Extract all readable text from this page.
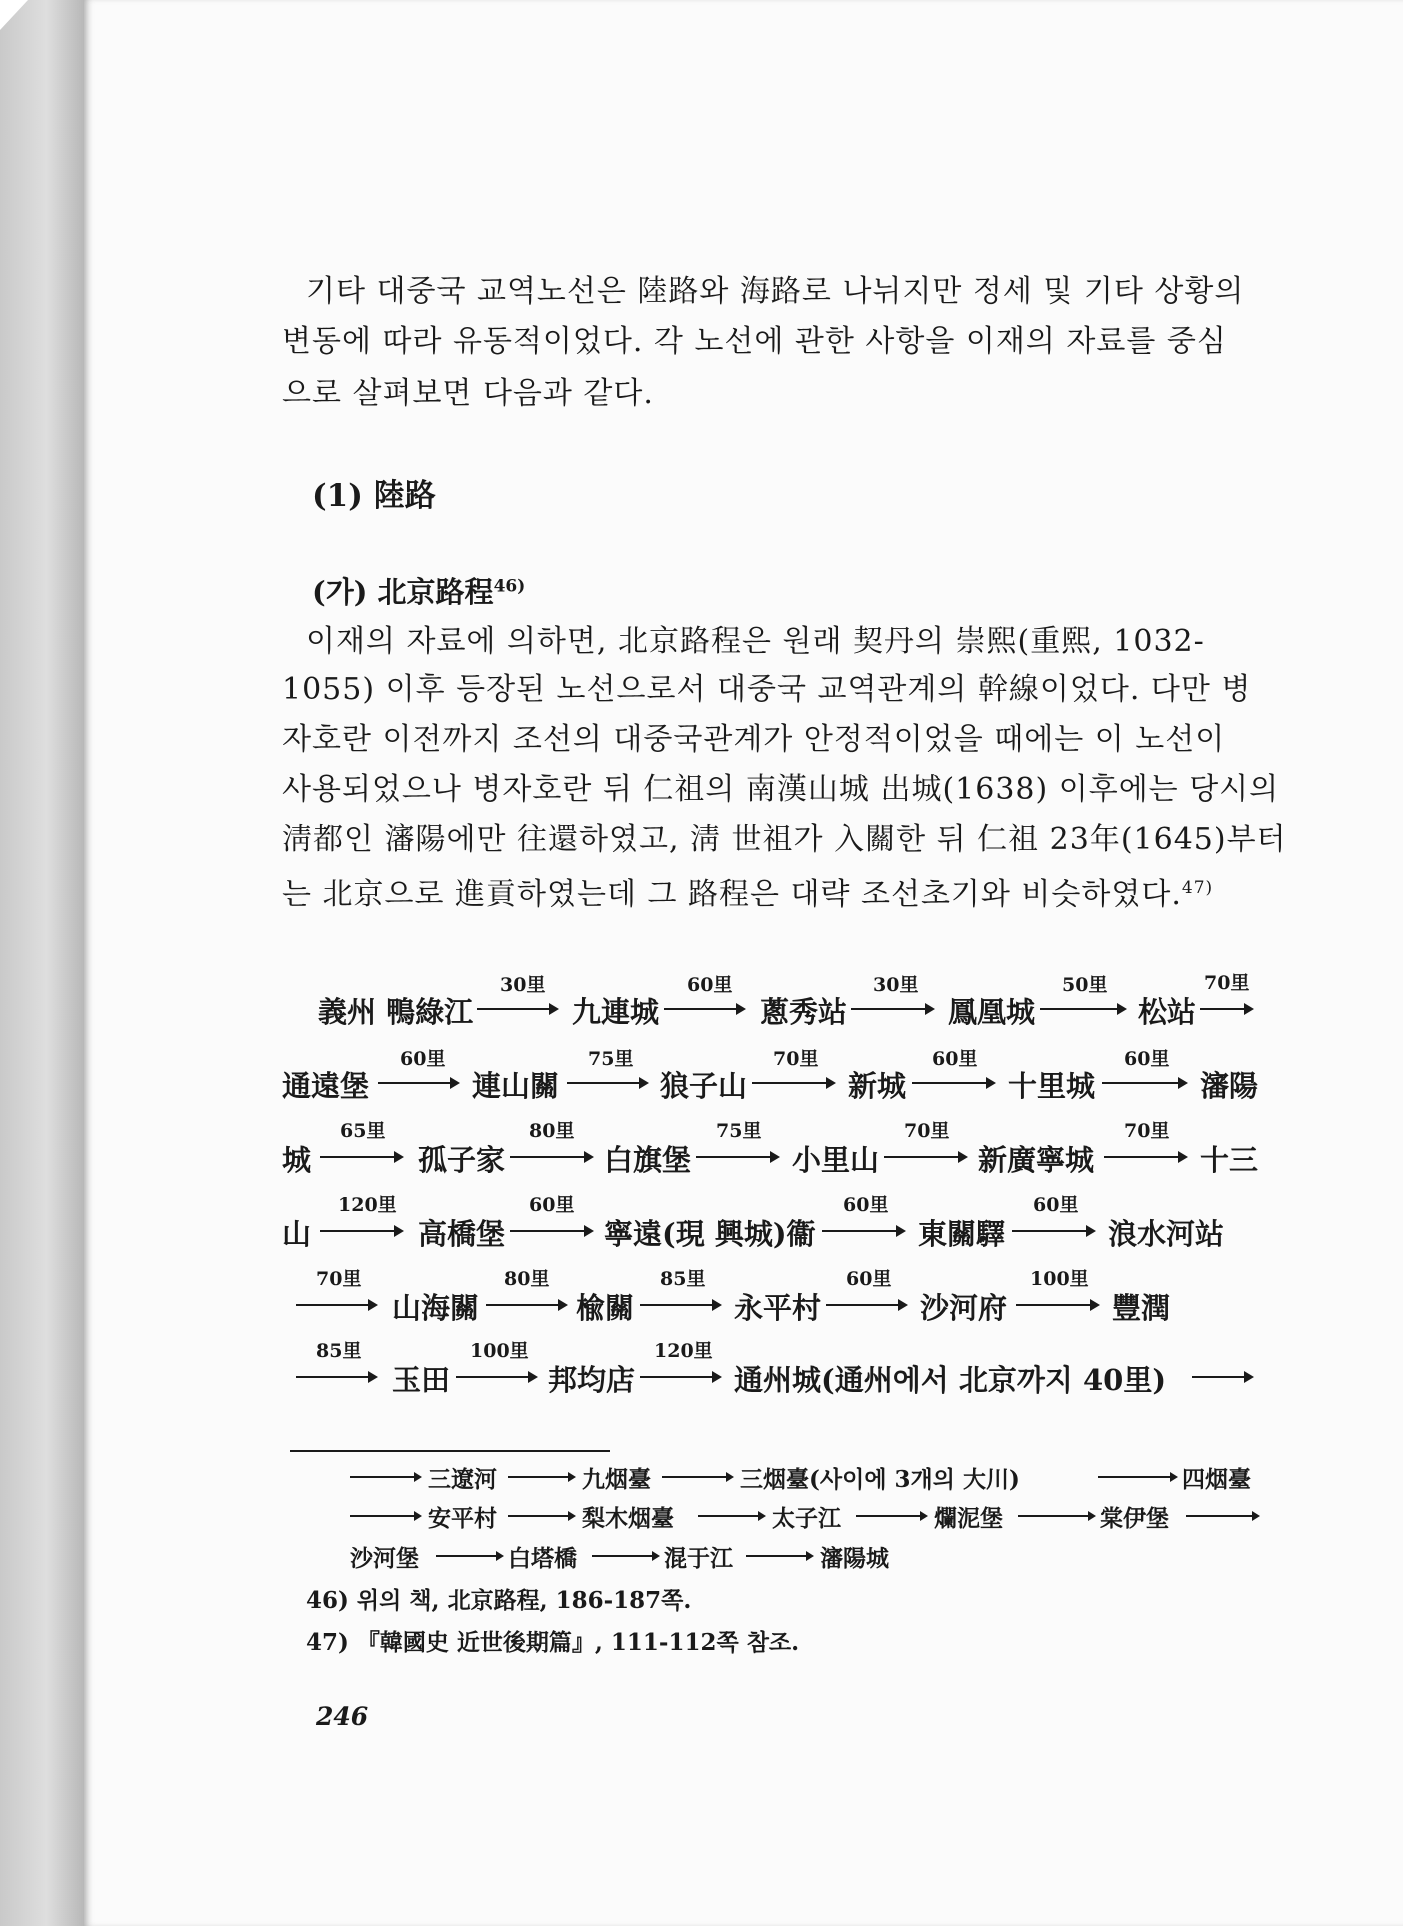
기타 대중국 교역노선은 陸路와 海路로 나뉘지만 정세 및 기타 상황의
변동에 따라 유동적이었다. 각 노선에 관한 사항을 이재의 자료를 중심
으로 살펴보면 다음과 같다.
(1) 陸路
(가) 北京路程$^{46)}$
이재의 자료에 의하면, 北京路程은 원래 契丹의 崇熙(重熙, 1032-
1055) 이후 등장된 노선으로서 대중국 교역관계의 幹線이었다. 다만 병
자호란 이전까지 조선의 대중국관계가 안정적이었을 때에는 이 노선이
사용되었으나 병자호란 뒤 仁祖의 南漢山城 出城(1638) 이후에는 당시의
淸都인 瀋陽에만 往還하였고, 淸 世祖가 入關한 뒤 仁祖 23年(1645)부터
는 北京으로 進貢하였는데 그 路程은 대략 조선초기와 비슷하였다.$^{47)}$
義州 鴨綠江
30里
九連城
60里
蔥秀站
30里
鳳凰城
50里
松站
70里
通遠堡
60里
連山關
75里
狼子山
70里
新城
60里
十里城
60里
瀋陽
城
65里
孤子家
80里
白旗堡
75里
小里山
70里
新廣寧城
70里
十三
山
120里
高橋堡
60里
寧遠(現 興城)衞
60里
東關驛
60里
浪水河站
70里
山海關
80里
楡關
85里
永平村
60里
沙河府
100里
豐潤
85里
玉田
100里
邦均店
120里
通州城(通州에서 北京까지 40里)
三遼河	九烟臺	三烟臺(사이에 3개의 大川)	四烟臺
安平村	梨木烟臺	太子江	爛泥堡	棠伊堡
沙河堡	白塔橋	混于江	瀋陽城
46) 위의 책, 北京路程, 186-187쪽.
47) 『韓國史 近世後期篇』, 111-112쪽 참조.
246
